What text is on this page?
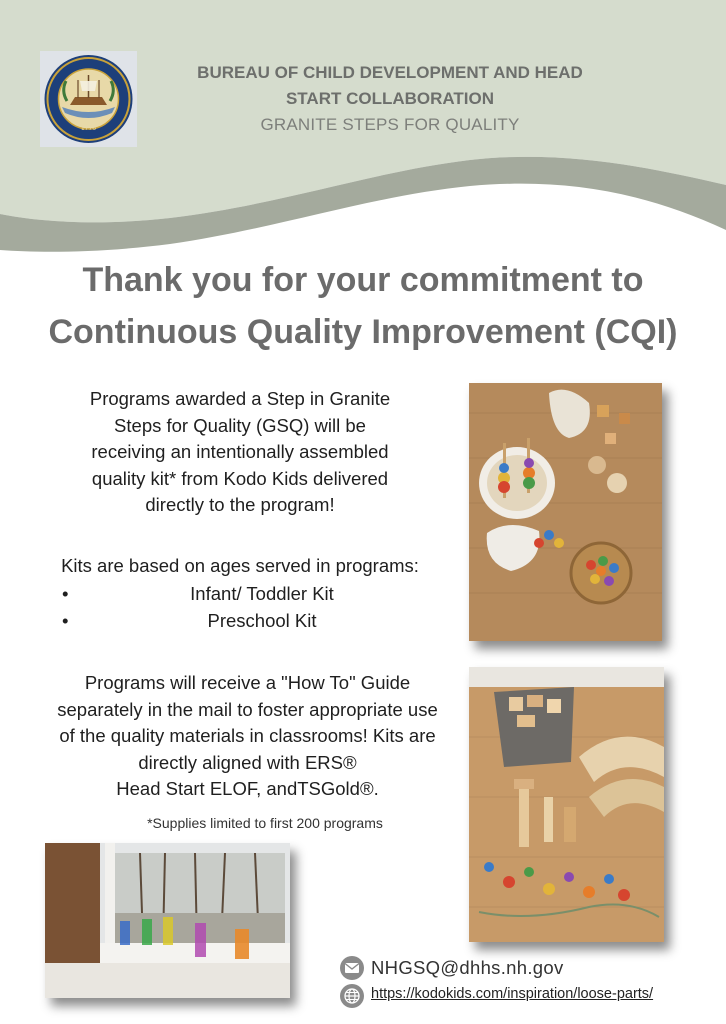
1776
BUREAU OF CHILD DEVELOPMENT AND HEAD
START COLLABORATION
GRANITE STEPS FOR QUALITY
Thank you for your commitment to
Continuous Quality Improvement (CQI)
Programs awarded a Step in Granite
Steps for Quality (GSQ) will be
receiving an intentionally assembled
quality kit* from Kodo Kids delivered
directly to the program!
Kits are based on ages served in programs:
•	Infant/ Toddler Kit
•	Preschool Kit
Programs will receive a "How To" Guide
separately in the mail to foster appropriate use
of the quality materials in classrooms! Kits are
directly aligned with ERS®
Head Start ELOF, andTSGold®.
*Supplies limited to first 200 programs
NHGSQ@dhhs.nh.gov
https://kodokids.com/inspiration/loose-parts/
